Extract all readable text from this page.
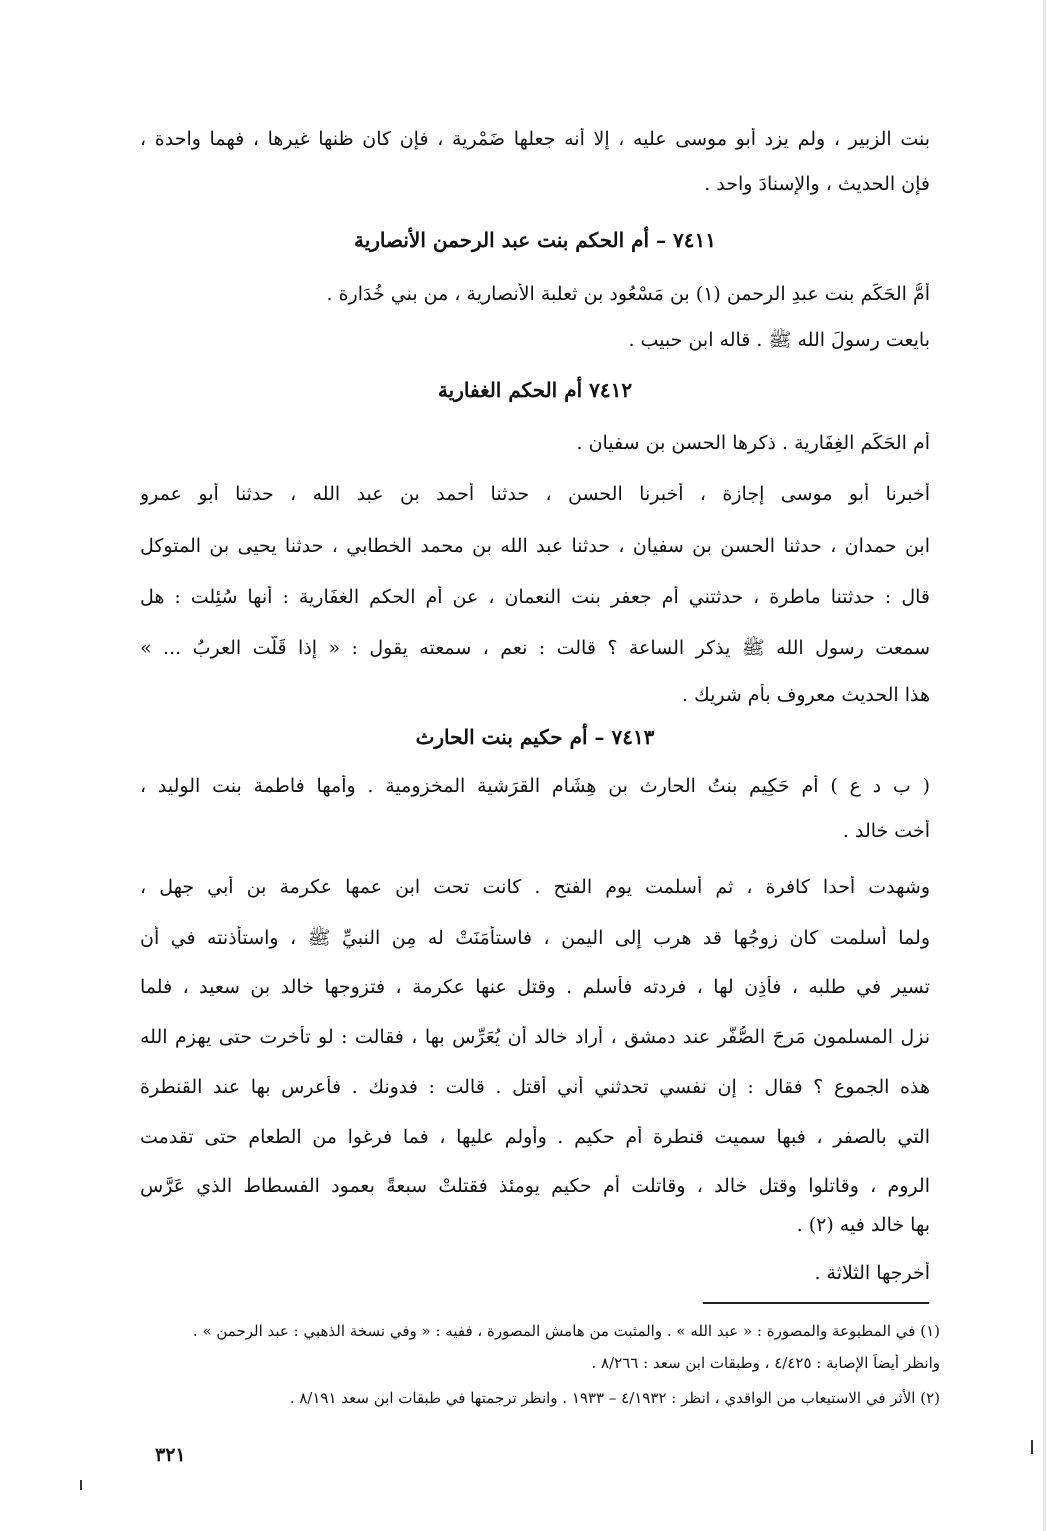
بنت الزبير ، ولم يزد أبو موسى عليه ، إلا أنه جعلها ضَمْرية ، فإن كان ظنها غيرها ، فهما واحدة ،
فإن الحديث ، والإسنادَ واحد .
٧٤١١ – أم الحكم بنت عبد الرحمن الأنصارية
أُمُّ الحَكَم بنت عبدِ الرحمن (١) بن مَسْعُود بن ثعلبة الأنصارية ، من بني خُدَارة .
بايعت رسولَ الله ﷺ . قاله ابن حبيب .
٧٤١٢ أم الحكم الغفارية
أُم الحَكَم الغِفَارية . ذكرها الحسن بن سفيان .
أخبرنا أبو موسى إجازة ، أخبرنا الحسن ، حدثنا أحمد بن عبد الله ، حدثنا أبو عمرو
ابن حمدان ، حدثنا الحسن بن سفيان ، حدثنا عبد الله بن محمد الخطابي ، حدثنا يحيى بن المتوكل
قال : حدثتنا ماطرة ، حدثتني أم جعفر بنت النعمان ، عن أم الحكم الغفَارية : أنها سُئِلت : هل
سمعت رسول الله ﷺ يذكر الساعة ؟ قالت : نعم ، سمعته يقول : « إذا قَلَّت العربُ ... »
هذا الحديث معروف بأُم شريك .
٧٤١٣ – أم حكيم بنت الحارث
( ب د ع ) أم حَكِيم بنتُ الحارِث بن هِشَامِ القرَشية المخزومية . وأُمها فاطمة بنت الوليد ،
أخت خالد .
وشهدت أحدا كافرة ، ثم أسلمت يوم الفتح . كانت تحت ابن عمها عكرمة بن أبي جهل ،
ولما أسلمت كان زوجُها قد هرب إلى اليمن ، فاستأمَنَتْ له مِن النبيِّ ﷺ ، واستأذنته في أن
تسير في طلبه ، فأَذِن لها ، فردته فأسلم . وقتل عنها عكرمة ، فتزوجها خالد بن سعيد ، فلما
نزل المسلمون مَرجَ الصُّفَّر عند دمشق ، أراد خالد أن يُعَرِّس بها ، فقالت : لو تأخرت حتى يهزم الله
هذه الجموع ؟ فقال : إن نفسي تحدثني أني أُقتل . قالت : فدونك . فأعرس بها عند القنطرة
التي بالصفر ، فبها سميت قنطرة أُم حكيم . وأولم عليها ، فما فرغوا من الطعام حتى تقدمت
الروم ، وقاتلوا وقتل خالد ، وقاتلت أُم حكيم يومئذ فقتلتْ سبعةً بعمود الفسطاط الذي عَرَّس
بها خالد فيه (٢) .
أخرجها الثلاثة .
(١) في المطبوعة والمصورة : « عبد الله » . والمثبت من هامش المصورة ، ففيه : « وفي نسخة الذهبي : عبد الرحمن » .
وانظر أيضاً الإصابة : ٤/٤٢٥ ، وطبقات ابن سعد : ٨/٢٦٦ .
(٢) الأثر في الاستيعاب من الواقدي ، انظر : ٤/١٩٣٢ – ١٩٣٣ . وانظر ترجمتها في طبقات ابن سعد ٨/١٩١ .
٣٢١
